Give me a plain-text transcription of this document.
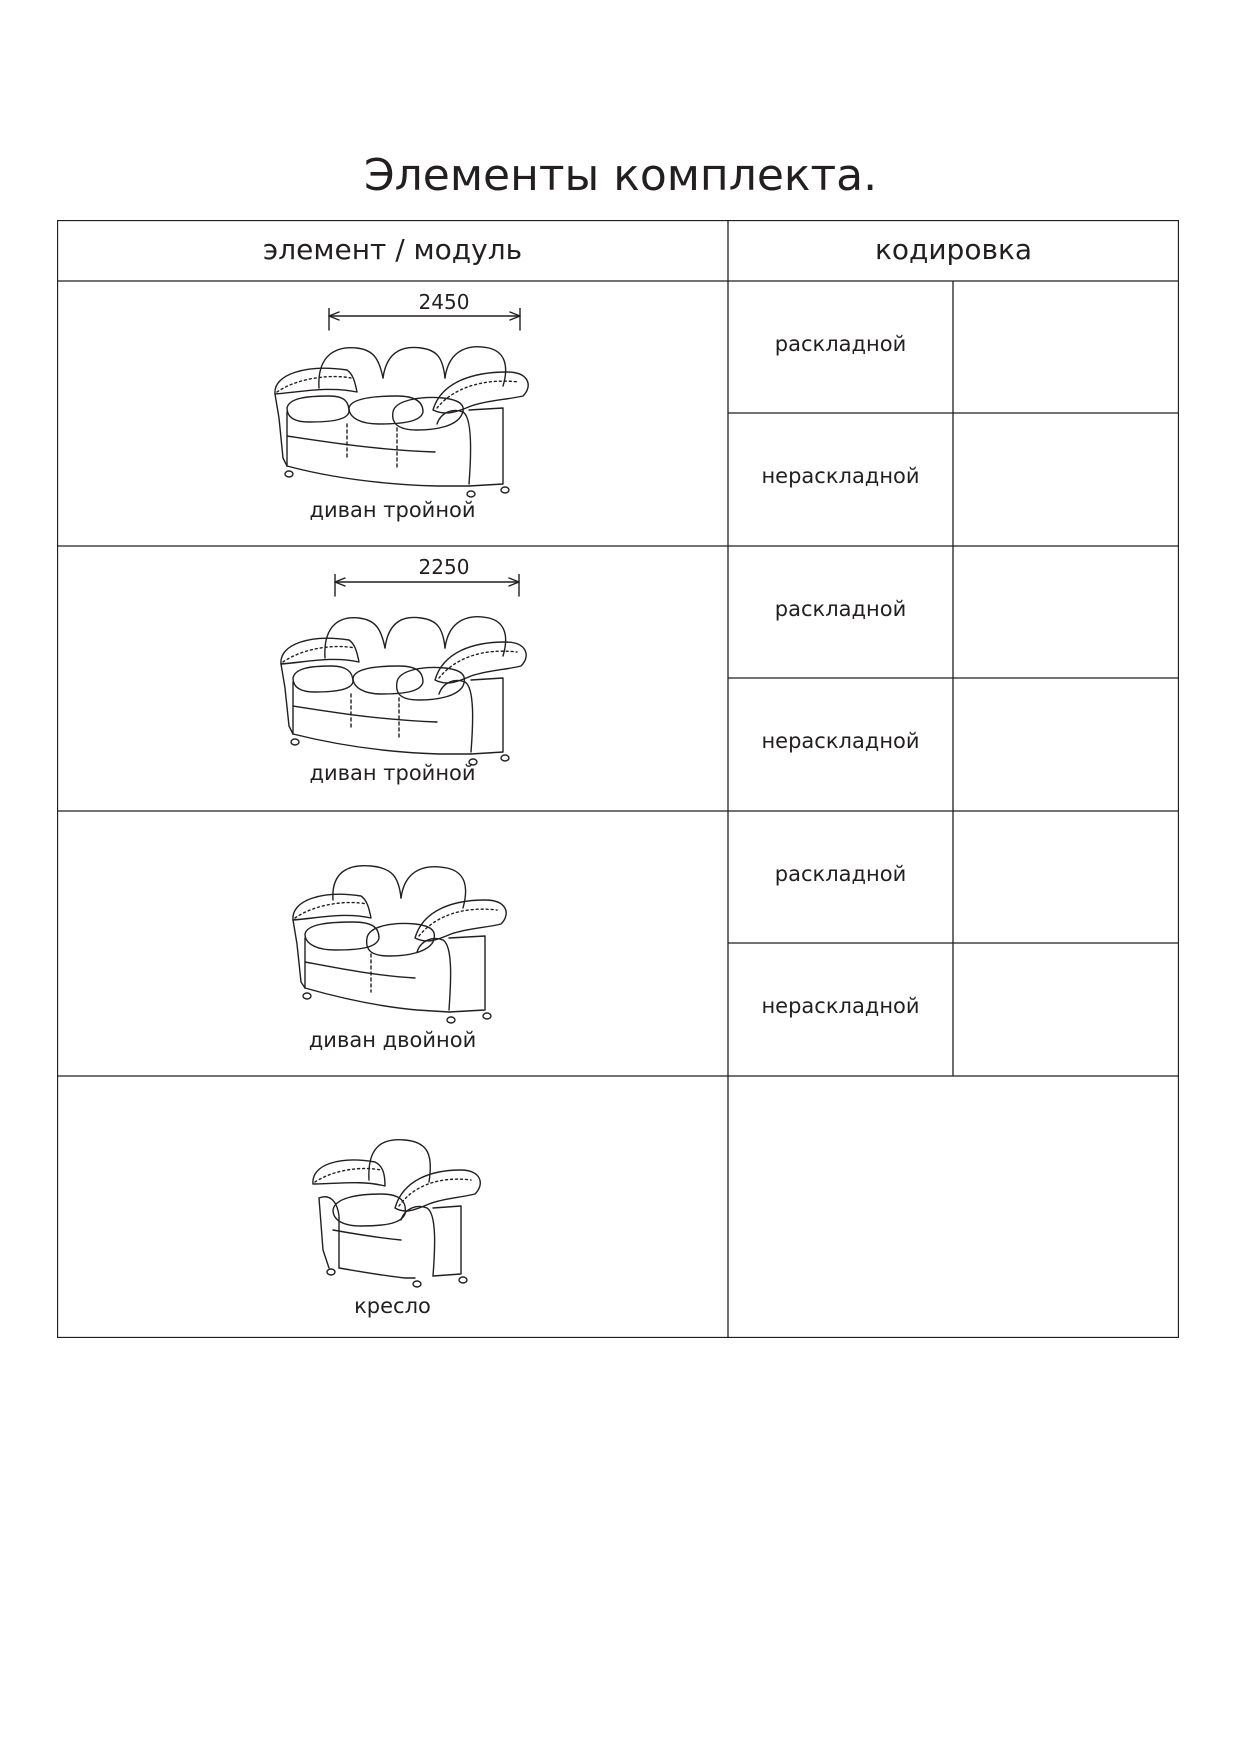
Элементы комплекта.
элемент / модуль	кодировка
2450
диван тройной
раскладной
нераскладной
2250
диван тройной
раскладной
нераскладной
диван двойной
раскладной
нераскладной
кресло
